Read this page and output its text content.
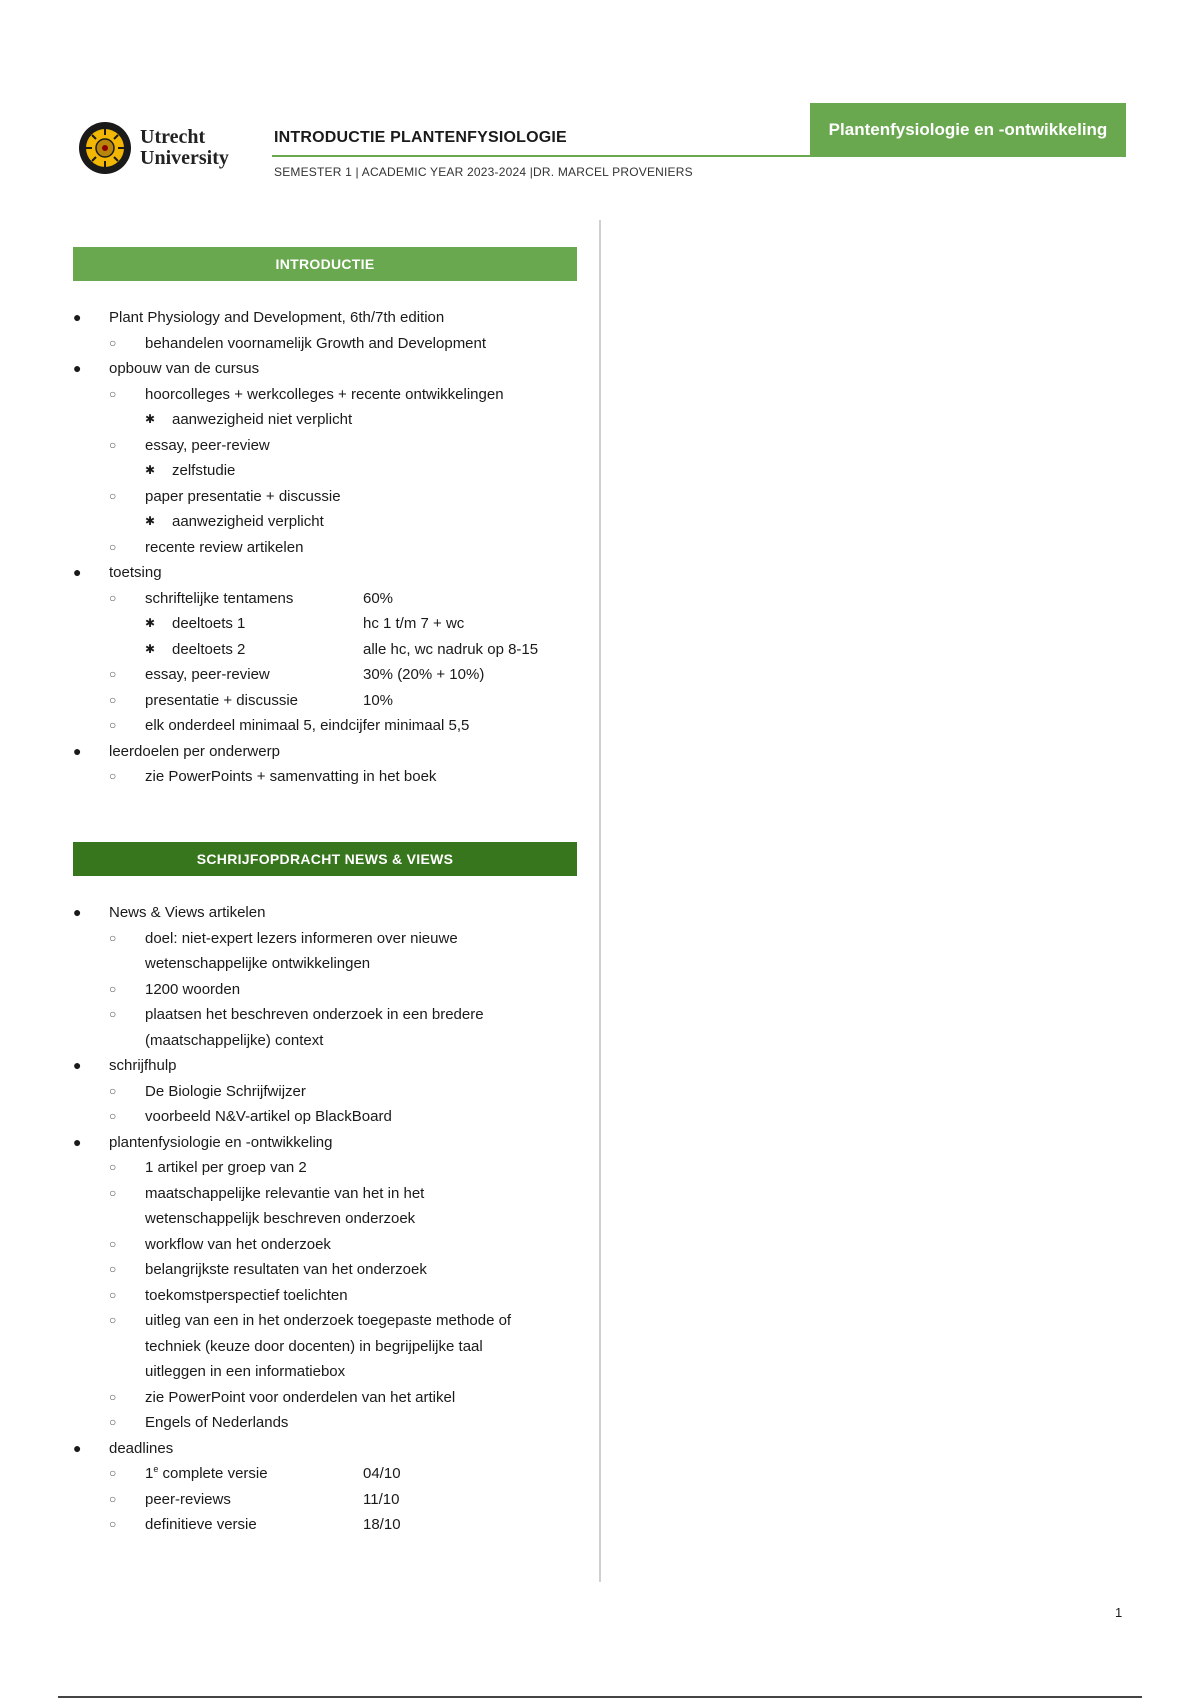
Utrecht
University
INTRODUCTIE PLANTENFYSIOLOGIE	Plantenfysiologie en -ontwikkeling
SEMESTER 1 | ACADEMIC YEAR 2023-2024 |DR. MARCEL PROVENIERS
INTRODUCTIE
● Plant Physiology and Development, 6th/7th edition
○ behandelen voornamelijk Growth and Development
● opbouw van de cursus
○ hoorcolleges + werkcolleges + recente ontwikkelingen
✱ aanwezigheid niet verplicht
○ essay, peer-review
✱ zelfstudie
○ paper presentatie + discussie
✱ aanwezigheid verplicht
○ recente review artikelen
● toetsing
○ schriftelijke tentamens	60%
✱ deeltoets 1	hc 1 t/m 7 + wc
✱ deeltoets 2	alle hc, wc nadruk op 8-15
○ essay, peer-review	30% (20% + 10%)
○ presentatie + discussie	10%
○ elk onderdeel minimaal 5, eindcijfer minimaal 5,5
● leerdoelen per onderwerp
○ zie PowerPoints + samenvatting in het boek
SCHRIJFOPDRACHT NEWS & VIEWS
● News & Views artikelen
○ doel: niet-expert lezers informeren over nieuwe
wetenschappelijke ontwikkelingen
○ 1200 woorden
○ plaatsen het beschreven onderzoek in een bredere
(maatschappelijke) context
● schrijfhulp
○ De Biologie Schrijfwijzer
○ voorbeeld N&V-artikel op BlackBoard
● plantenfysiologie en -ontwikkeling
○ 1 artikel per groep van 2
○ maatschappelijke relevantie van het in het
wetenschappelijk beschreven onderzoek
○ workflow van het onderzoek
○ belangrijkste resultaten van het onderzoek
○ toekomstperspectief toelichten
○ uitleg van een in het onderzoek toegepaste methode of
techniek (keuze door docenten) in begrijpelijke taal
uitleggen in een informatiebox
○ zie PowerPoint voor onderdelen van het artikel
○ Engels of Nederlands
● deadlines
○ 1e complete versie	04/10
○ peer-reviews	11/10
○ definitieve versie	18/10
1
